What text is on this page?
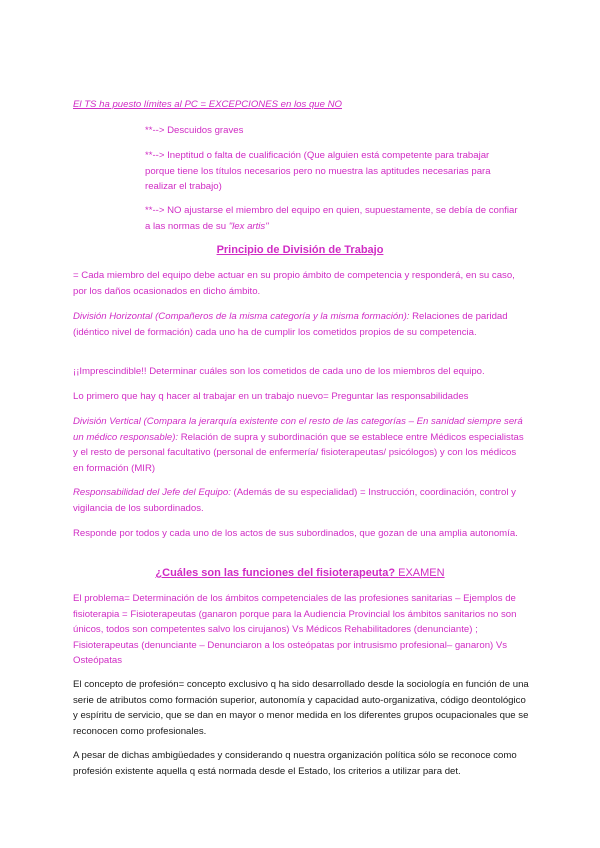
El TS ha puesto límites al PC = EXCEPCIONES en los que NO

**--> Descuidos graves

**--> Ineptitud o falta de cualificación (Que alguien está competente para trabajar porque tiene los títulos necesarios pero no muestra las aptitudes necesarias para realizar el trabajo)

**--> NO ajustarse el miembro del equipo en quien, supuestamente, se debía de confiar a las normas de su "lex artis"

Principio de División de Trabajo

= Cada miembro del equipo debe actuar en su propio ámbito de competencia y responderá, en su caso, por los daños ocasionados en dicho ámbito.

División Horizontal (Compañeros de la misma categoría y la misma formación): Relaciones de paridad (idéntico nivel de formación) cada uno ha de cumplir los cometidos propios de su competencia.

¡¡Imprescindible!! Determinar cuáles son los cometidos de cada uno de los miembros del equipo.

Lo primero que hay q hacer al trabajar en un trabajo nuevo= Preguntar las responsabilidades

División Vertical (Compara la jerarquía existente con el resto de las categorías – En sanidad siempre será un médico responsable): Relación de supra y subordinación que se establece entre Médicos especialistas y el resto de personal facultativo (personal de enfermería/ fisioterapeutas/ psicólogos) y con los médicos en formación (MIR)

Responsabilidad del Jefe del Equipo: (Además de su especialidad) = Instrucción, coordinación, control y vigilancia de los subordinados.

Responde por todos y cada uno de los actos de sus subordinados, que gozan de una amplia autonomía.

¿Cuáles son las funciones del fisioterapeuta? EXAMEN

El problema= Determinación de los ámbitos competenciales de las profesiones sanitarias – Ejemplos de fisioterapia = Fisioterapeutas (ganaron porque para la Audiencia Provincial los ámbitos sanitarios no son únicos, todos son competentes salvo los cirujanos) Vs Médicos Rehabilitadores (denunciante) ; Fisioterapeutas (denunciante – Denunciaron a los osteópatas por intrusismo profesional– ganaron) Vs Osteópatas

El concepto de profesión= concepto exclusivo q ha sido desarrollado desde la sociología en función de una serie de atributos como formación superior, autonomía y capacidad auto-organizativa, código deontológico y espíritu de servicio, que se dan en mayor o menor medida en los diferentes grupos ocupacionales que se reconocen como profesionales.

A pesar de dichas ambigüedades y considerando q nuestra organización política sólo se reconoce como profesión existente aquella q está normada desde el Estado, los criterios a utilizar para det.
